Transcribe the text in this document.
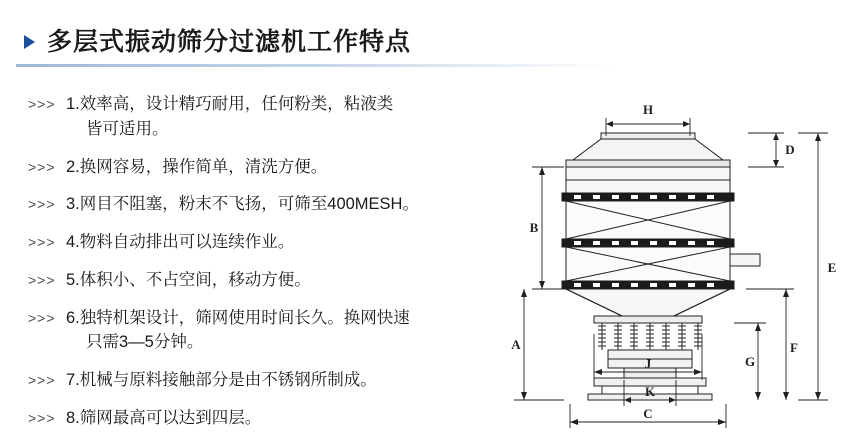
多层式振动筛分过滤机工作特点
>>> 1.效率高，设计精巧耐用，任何粉类，粘液类
皆可适用。
>>> 2.换网容易，操作简单，清洗方便。
>>> 3.网目不阻塞，粉末不飞扬，可筛至400MESH。
>>> 4.物料自动排出可以连续作业。
>>> 5.体积小、不占空间，移动方便。
>>> 6.独特机架设计，筛网使用时间长久。换网快速
只需3—5分钟。
>>> 7.机械与原料接触部分是由不锈钢所制成。
>>> 8.筛网最高可以达到四层。
H
D
B
A
E
F
G
J
K
C
